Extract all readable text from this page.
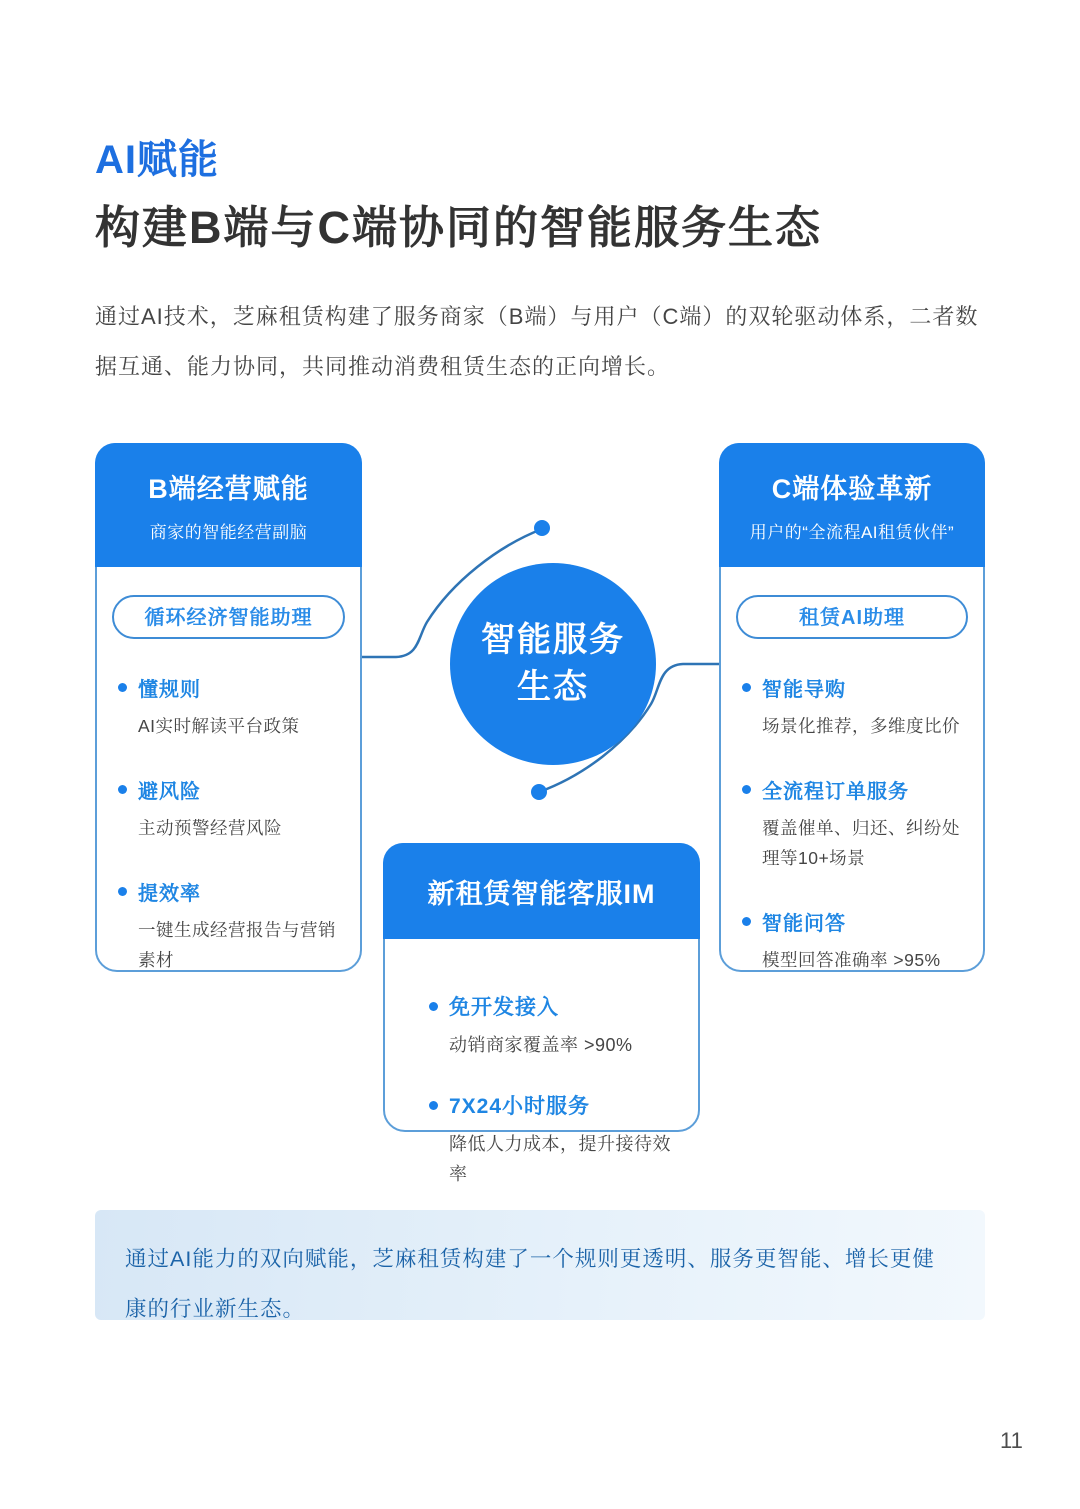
AI赋能
构建B端与C端协同的智能服务生态
通过AI技术，芝麻租赁构建了服务商家（B端）与用户（C端）的双轮驱动体系，二者数据互通、能力协同，共同推动消费租赁生态的正向增长。
B端经营赋能
商家的智能经营副脑
循环经济智能助理
懂规则
AI实时解读平台政策
避风险
主动预警经营风险
提效率
一键生成经营报告与营销素材
智能服务
生态
C端体验革新
用户的“全流程AI租赁伙伴”
租赁AI助理
智能导购
场景化推荐，多维度比价
全流程订单服务
覆盖催单、归还、纠纷处理等10+场景
智能问答
模型回答准确率 >95%
新租赁智能客服IM
免开发接入
动销商家覆盖率 >90%
7X24小时服务
降低人力成本，提升接待效率
通过AI能力的双向赋能，芝麻租赁构建了一个规则更透明、服务更智能、增长更健康的行业新生态。
11
